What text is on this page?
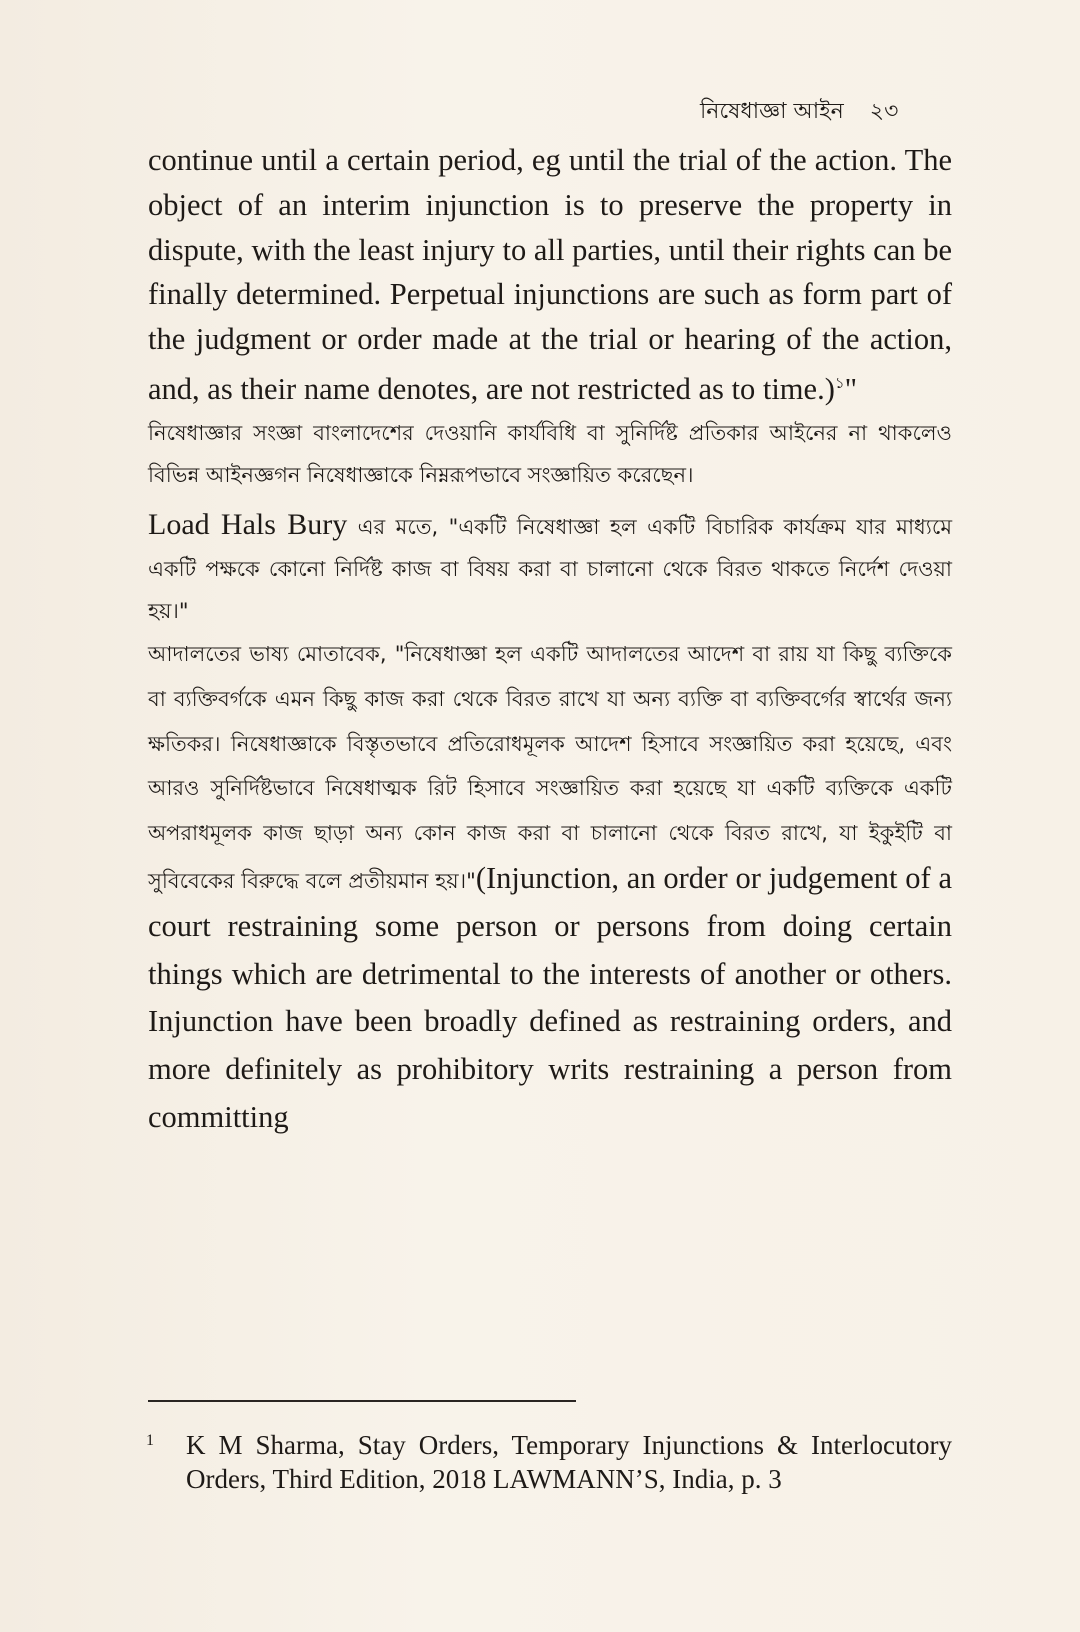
নিষেধাজ্ঞা আইন ২৩

continue until a certain period, eg until the trial of the action. The object of an interim injunction is to preserve the property in dispute, with the least injury to all parties, until their rights can be finally determined. Perpetual injunctions are such as form part of the judgment or order made at the trial or hearing of the action, and, as their name denotes, are not restricted as to time.)$^১$"

নিষেধাজ্ঞার সংজ্ঞা বাংলাদেশের দেওয়ানি কার্যবিধি বা সুনির্দিষ্ট প্রতিকার আইনের না থাকলেও বিভিন্ন আইনজ্ঞগন নিষেধাজ্ঞাকে নিম্নরূপভাবে সংজ্ঞায়িত করেছেন।

Load Hals Bury এর মতে, "একটি নিষেধাজ্ঞা হল একটি বিচারিক কার্যক্রম যার মাধ্যমে একটি পক্ষকে কোনো নির্দিষ্ট কাজ বা বিষয় করা বা চালানো থেকে বিরত থাকতে নির্দেশ দেওয়া হয়।"

আদালতের ভাষ্য মোতাবেক, "নিষেধাজ্ঞা হল একটি আদালতের আদেশ বা রায় যা কিছু ব্যক্তিকে বা ব্যক্তিবর্গকে এমন কিছু কাজ করা থেকে বিরত রাখে যা অন্য ব্যক্তি বা ব্যক্তিবর্গের স্বার্থের জন্য ক্ষতিকর। নিষেধাজ্ঞাকে বিস্তৃতভাবে প্রতিরোধমূলক আদেশ হিসাবে সংজ্ঞায়িত করা হয়েছে, এবং আরও সুনির্দিষ্টভাবে নিষেধাত্মক রিট হিসাবে সংজ্ঞায়িত করা হয়েছে যা একটি ব্যক্তিকে একটি অপরাধমূলক কাজ ছাড়া অন্য কোন কাজ করা বা চালানো থেকে বিরত রাখে, যা ইকুইটি বা সুবিবেকের বিরুদ্ধে বলে প্রতীয়মান হয়।"(Injunction, an order or judgement of a court restraining some person or persons from doing certain things which are detrimental to the interests of another or others. Injunction have been broadly defined as restraining orders, and more definitely as prohibitory writs restraining a person from committing

1	K M Sharma, Stay Orders, Temporary Injunctions & Interlocutory Orders, Third Edition, 2018 LAWMANN’S, India, p. 3
